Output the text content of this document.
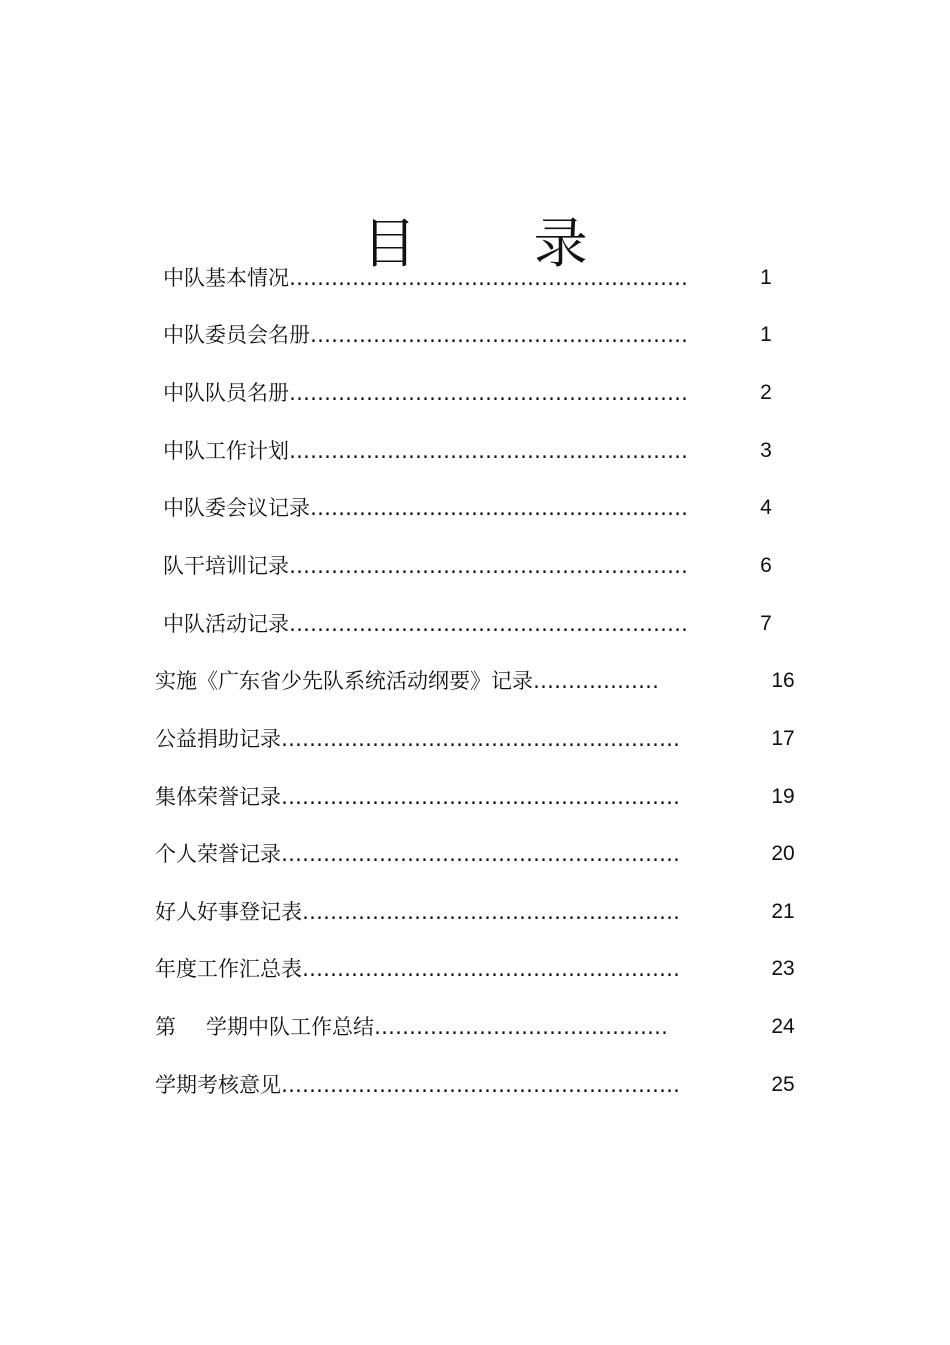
目 录
中队基本情况…………………………………………………	1
中队委员会名册………………………………………………	1
中队队员名册…………………………………………………	2
中队工作计划…………………………………………………	3
中队委会议记录………………………………………………	4
队干培训记录…………………………………………………	6
中队活动记录…………………………………………………	7
实施《广东省少先队系统活动纲要》记录………………	16
公益捐助记录…………………………………………………	17
集体荣誉记录…………………………………………………	19
个人荣誉记录…………………………………………………	20
好人好事登记表………………………………………………	21
年度工作汇总表………………………………………………	23
第 学期中队工作总结……………………………………	24
学期考核意见…………………………………………………	25
